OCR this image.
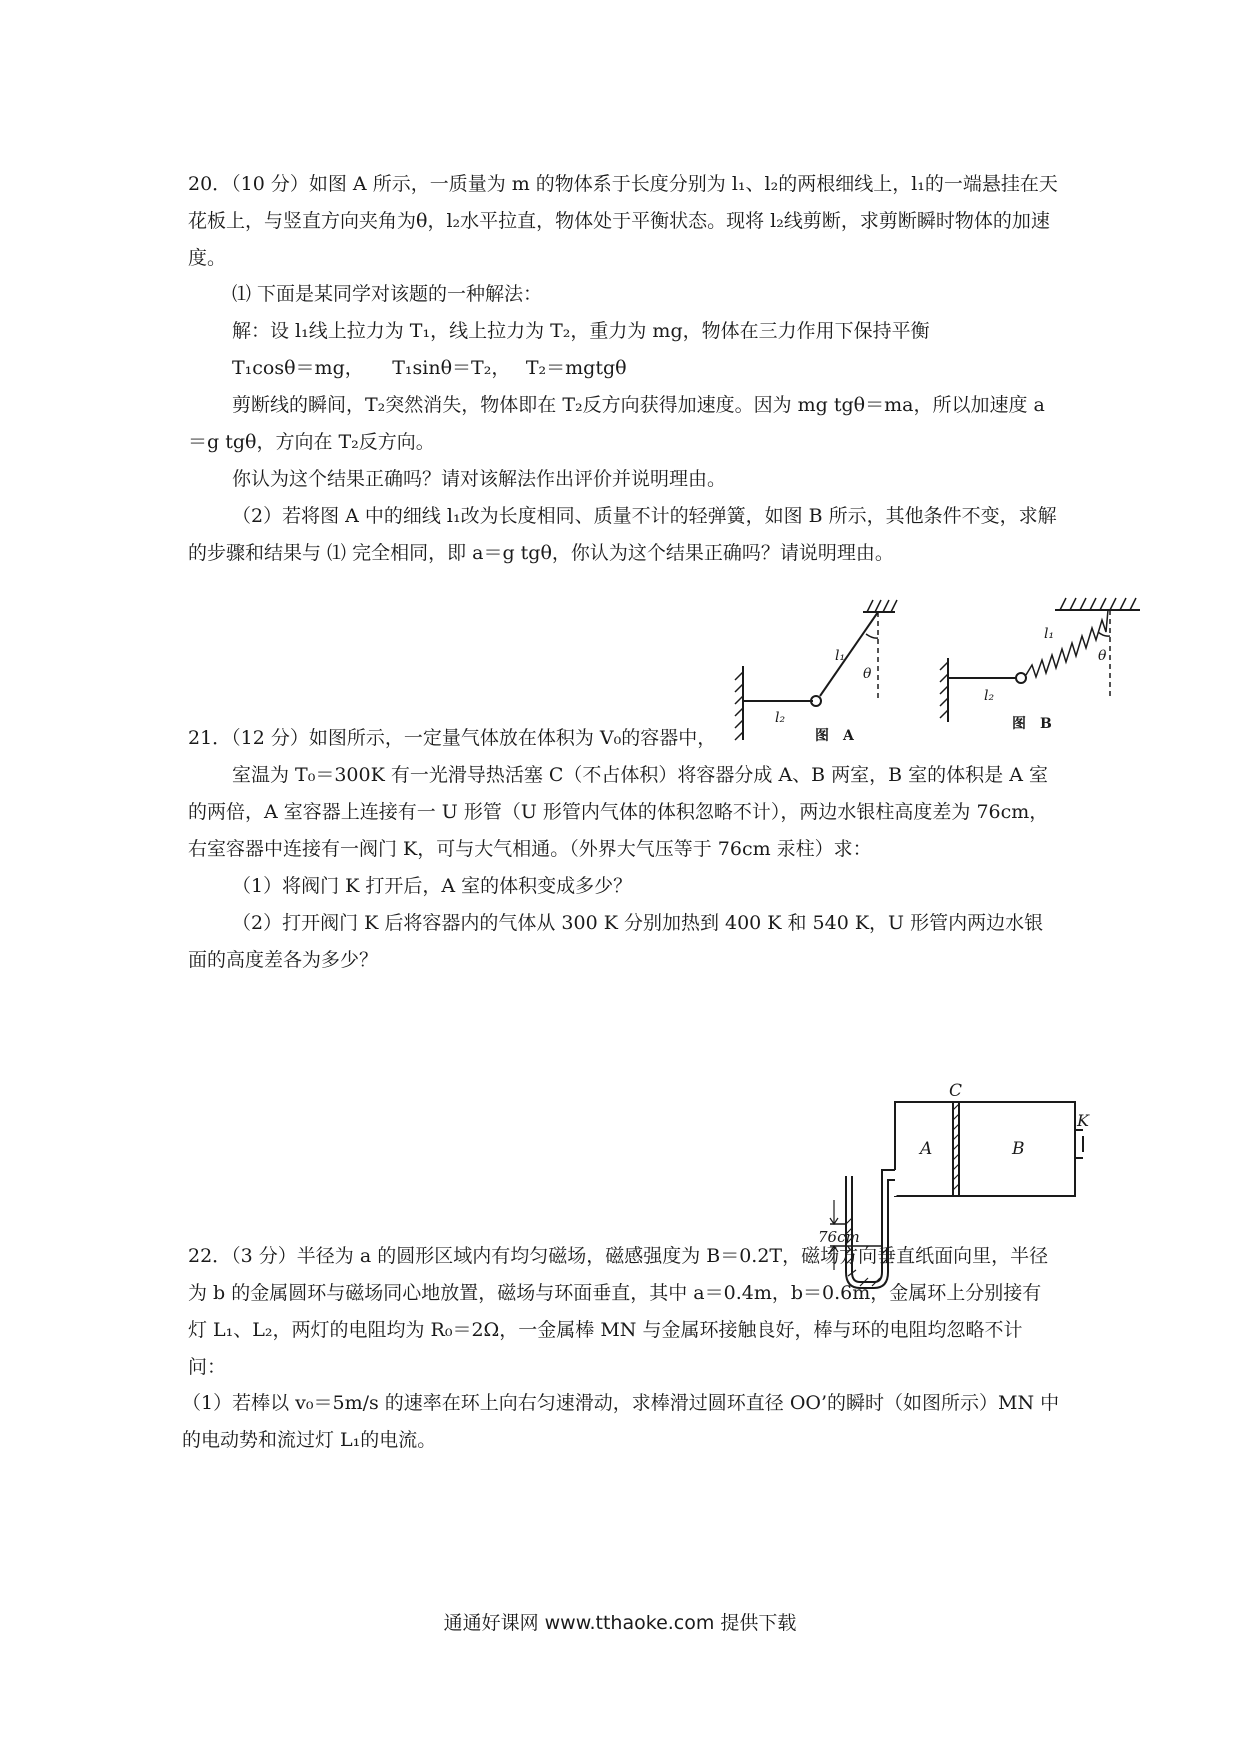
20．（10 分）如图 A 所示，一质量为 m 的物体系于长度分别为 l₁、l₂的两根细线上，l₁的一端悬挂在天花板上，与竖直方向夹角为θ，l₂水平拉直，物体处于平衡状态。现将 l₂线剪断，求剪断瞬时物体的加速度。

⑴ 下面是某同学对该题的一种解法：

解：设 l₁线上拉力为 T₁，线上拉力为 T₂，重力为 mg，物体在三力作用下保持平衡

T₁cosθ＝mg，　　T₁sinθ＝T₂，　 T₂＝mgtgθ

剪断线的瞬间，T₂突然消失，物体即在 T₂反方向获得加速度。因为 mg tgθ＝ma，所以加速度 a＝g tgθ，方向在 T₂反方向。

你认为这个结果正确吗？请对该解法作出评价并说明理由。

（2）若将图 A 中的细线 l₁改为长度相同、质量不计的轻弹簧，如图 B 所示，其他条件不变，求解的步骤和结果与 ⑴ 完全相同，即 a＝g tgθ，你认为这个结果正确吗？请说明理由。

l₁
θ
l₂
图　A
l₁
θ
l₂
图　B

21．（12 分）如图所示，一定量气体放在体积为 V₀的容器中，

室温为 T₀＝300K 有一光滑导热活塞 C（不占体积）将容器分成 A、B 两室，B 室的体积是 A 室的两倍，A 室容器上连接有一 U 形管（U 形管内气体的体积忽略不计），两边水银柱高度差为 76cm，右室容器中连接有一阀门 K，可与大气相通。（外界大气压等于 76cm 汞柱）求：

（1）将阀门 K 打开后，A 室的体积变成多少？

（2）打开阀门 K 后将容器内的气体从 300 K 分别加热到 400 K 和 540 K，U 形管内两边水银面的高度差各为多少？

C
A	B
K
76cm

22．（3 分）半径为 a 的圆形区域内有均匀磁场，磁感强度为 B＝0.2T，磁场方向垂直纸面向里，半径为 b 的金属圆环与磁场同心地放置，磁场与环面垂直，其中 a＝0.4m，b＝0.6m，金属环上分别接有灯 L₁、L₂，两灯的电阻均为 R₀＝2Ω，一金属棒 MN 与金属环接触良好，棒与环的电阻均忽略不计问：

（1）若棒以 v₀＝5m/s 的速率在环上向右匀速滑动，求棒滑过圆环直径 OO’的瞬时（如图所示）MN 中的电动势和流过灯 L₁的电流。

通通好课网 www.tthaoke.com 提供下载
